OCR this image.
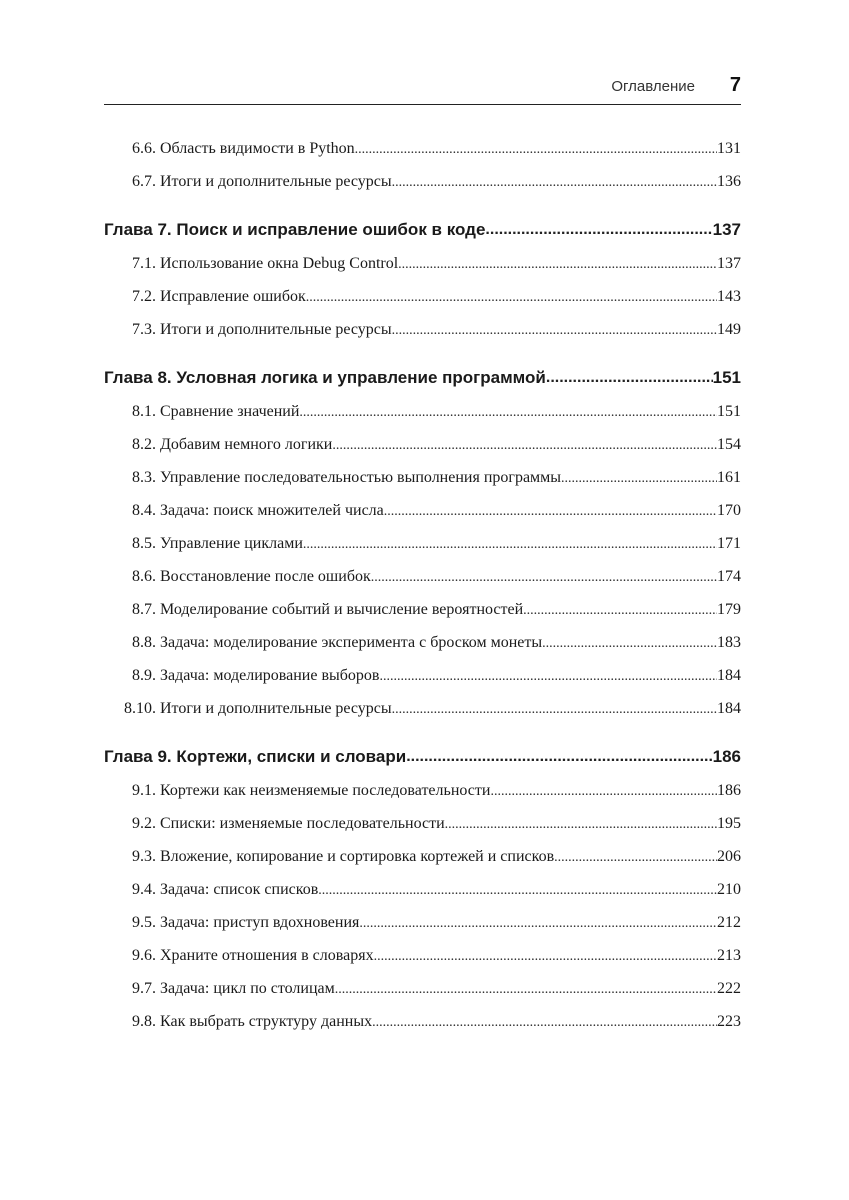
Оглавление 7
6.6. Область видимости в Python .....	131
6.7. Итоги и дополнительные ресурсы .....	136
Глава 7. Поиск и исправление ошибок в коде .....	137
7.1. Использование окна Debug Control .....	137
7.2. Исправление ошибок .....	143
7.3. Итоги и дополнительные ресурсы .....	149
Глава 8. Условная логика и управление программой .....	151
8.1. Сравнение значений .....	151
8.2. Добавим немного логики .....	154
8.3. Управление последовательностью выполнения программы .....	161
8.4. Задача: поиск множителей числа .....	170
8.5. Управление циклами .....	171
8.6. Восстановление после ошибок .....	174
8.7. Моделирование событий и вычисление вероятностей .....	179
8.8. Задача: моделирование эксперимента с броском монеты .....	183
8.9. Задача: моделирование выборов .....	184
8.10. Итоги и дополнительные ресурсы .....	184
Глава 9. Кортежи, списки и словари .....	186
9.1. Кортежи как неизменяемые последовательности .....	186
9.2. Списки: изменяемые последовательности .....	195
9.3. Вложение, копирование и сортировка кортежей и списков .....	206
9.4. Задача: список списков .....	210
9.5. Задача: приступ вдохновения .....	212
9.6. Храните отношения в словарях .....	213
9.7. Задача: цикл по столицам .....	222
9.8. Как выбрать структуру данных .....	223
